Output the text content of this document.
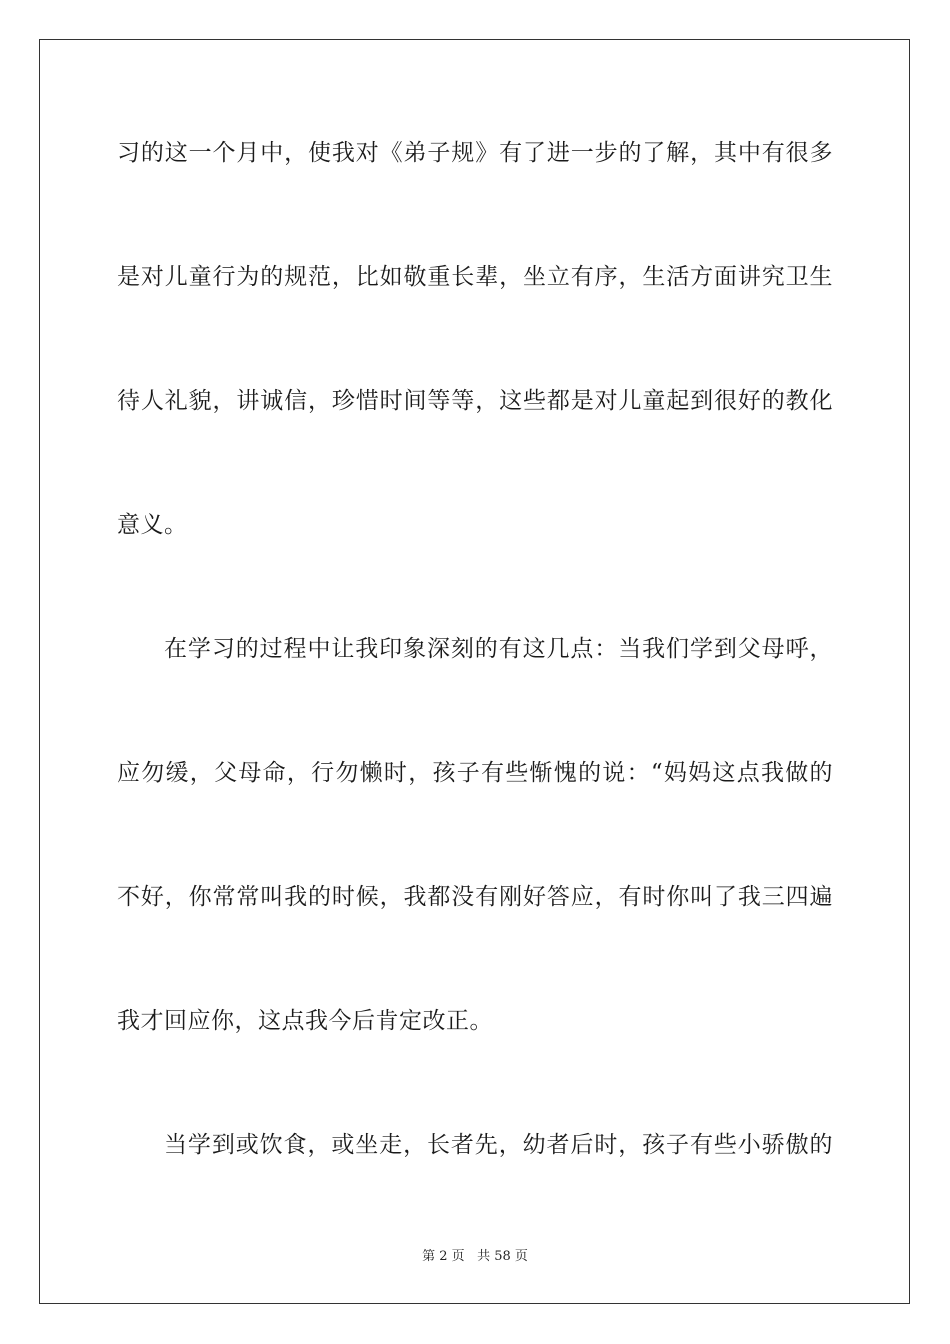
习的这一个月中，使我对《弟子规》有了进一步的了解，其中有很多
是对儿童行为的规范，比如敬重长辈，坐立有序，生活方面讲究卫生
待人礼貌，讲诚信，珍惜时间等等，这些都是对儿童起到很好的教化
意义。
在学习的过程中让我印象深刻的有这几点：当我们学到父母呼，
应勿缓，父母命，行勿懒时，孩子有些惭愧的说：“妈妈这点我做的
不好，你常常叫我的时候，我都没有刚好答应，有时你叫了我三四遍
我才回应你，这点我今后肯定改正。
当学到或饮食，或坐走，长者先，幼者后时，孩子有些小骄傲的
第 2 页 共 58 页
